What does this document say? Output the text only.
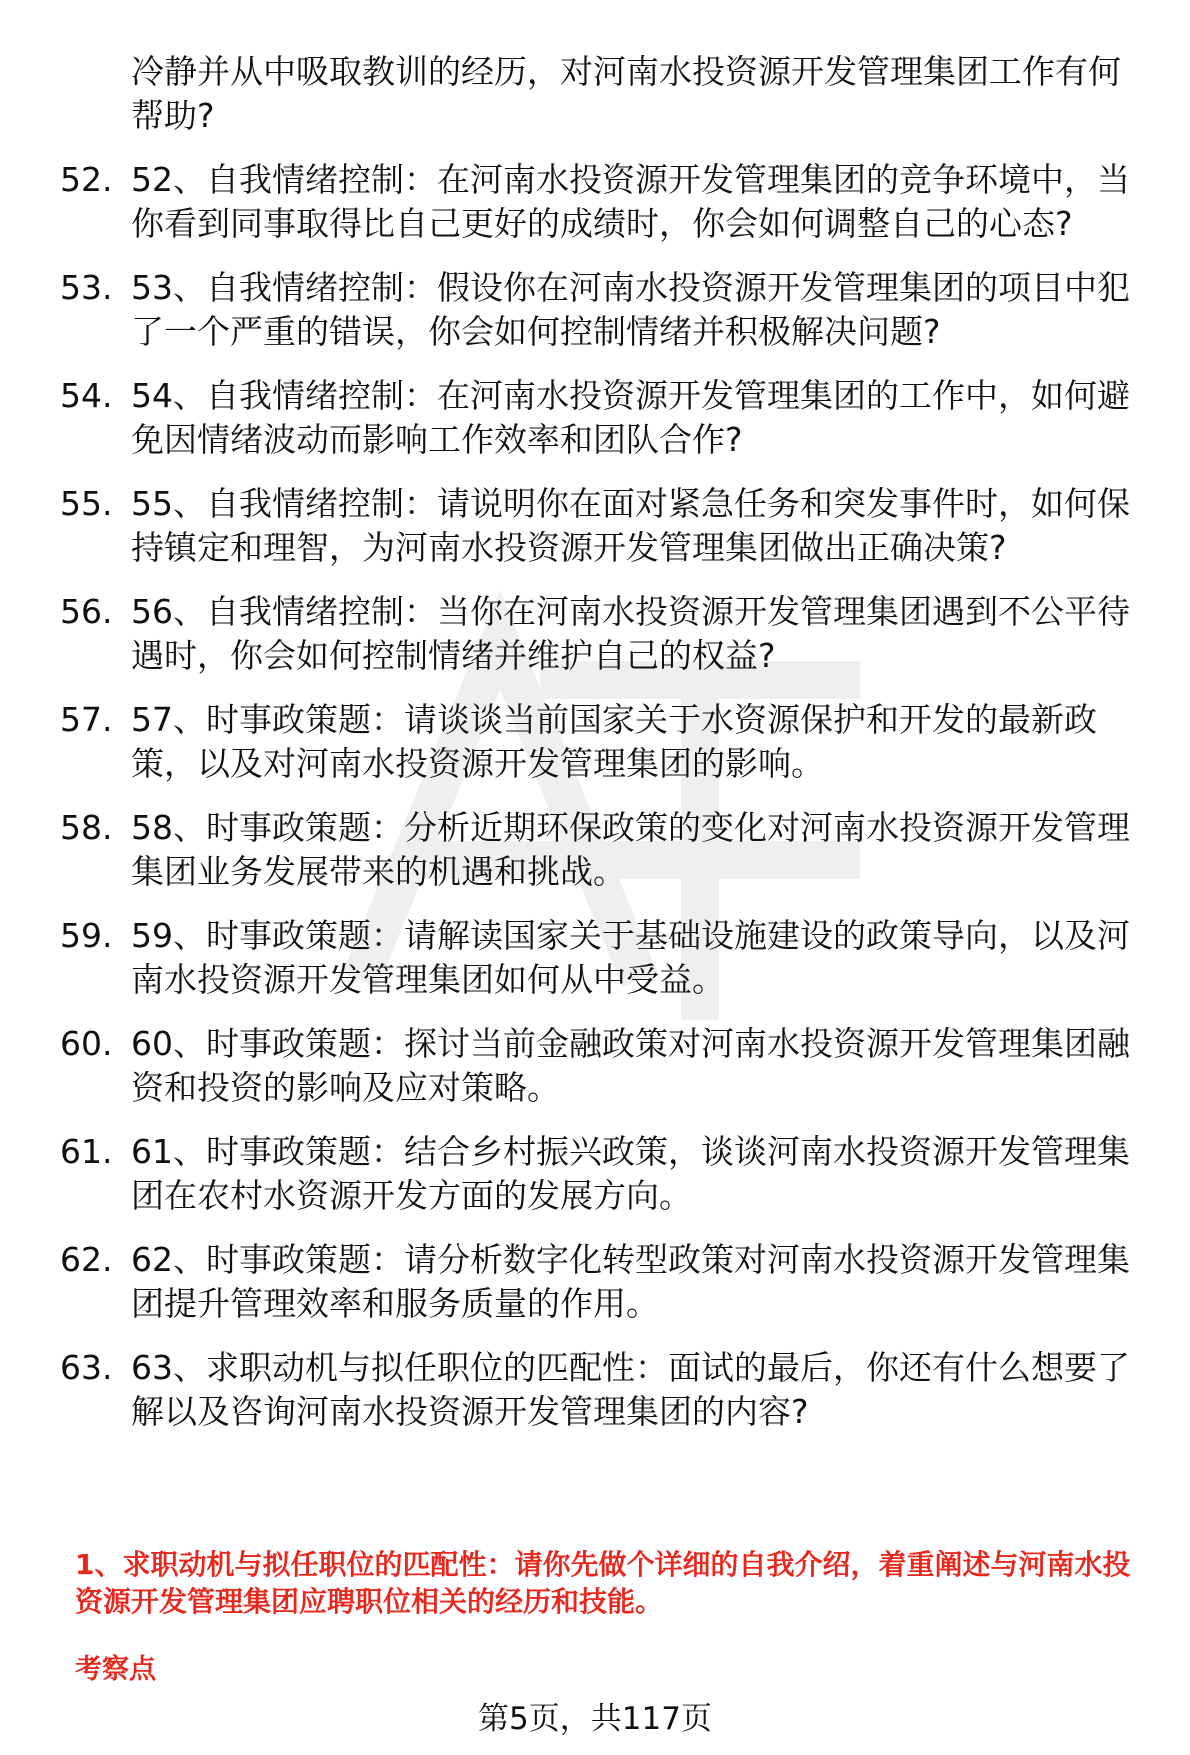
冷静并从中吸取教训的经历，对河南水投资源开发管理集团工作有何帮助?
52. 52、自我情绪控制：在河南水投资源开发管理集团的竞争环境中，当你看到同事取得比自己更好的成绩时，你会如何调整自己的心态?
53. 53、自我情绪控制：假设你在河南水投资源开发管理集团的项目中犯了一个严重的错误，你会如何控制情绪并积极解决问题?
54. 54、自我情绪控制：在河南水投资源开发管理集团的工作中，如何避免因情绪波动而影响工作效率和团队合作?
55. 55、自我情绪控制：请说明你在面对紧急任务和突发事件时，如何保持镇定和理智，为河南水投资源开发管理集团做出正确决策?
56. 56、自我情绪控制：当你在河南水投资源开发管理集团遇到不公平待遇时，你会如何控制情绪并维护自己的权益?
57. 57、时事政策题：请谈谈当前国家关于水资源保护和开发的最新政策，以及对河南水投资源开发管理集团的影响。
58. 58、时事政策题：分析近期环保政策的变化对河南水投资源开发管理集团业务发展带来的机遇和挑战。
59. 59、时事政策题：请解读国家关于基础设施建设的政策导向，以及河南水投资源开发管理集团如何从中受益。
60. 60、时事政策题：探讨当前金融政策对河南水投资源开发管理集团融资和投资的影响及应对策略。
61. 61、时事政策题：结合乡村振兴政策，谈谈河南水投资源开发管理集团在农村水资源开发方面的发展方向。
62. 62、时事政策题：请分析数字化转型政策对河南水投资源开发管理集团提升管理效率和服务质量的作用。
63. 63、求职动机与拟任职位的匹配性：面试的最后，你还有什么想要了解以及咨询河南水投资源开发管理集团的内容?
1、求职动机与拟任职位的匹配性：请你先做个详细的自我介绍，着重阐述与河南水投资源开发管理集团应聘职位相关的经历和技能。
考察点
第5页，共117页
